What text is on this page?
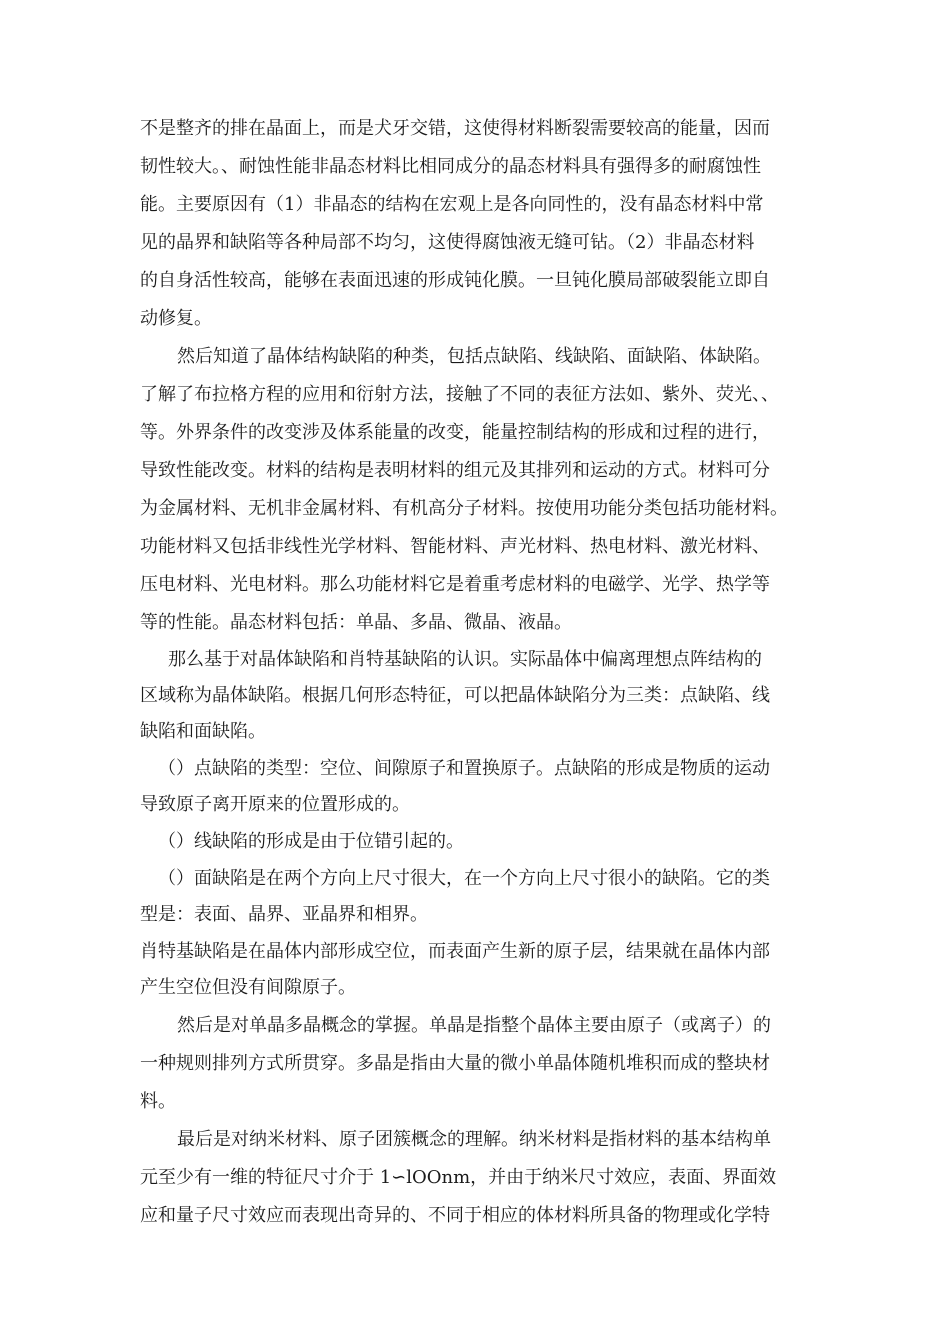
不是整齐的排在晶面上，而是犬牙交错，这使得材料断裂需要较高的能量，因而
韧性较大。、耐蚀性能非晶态材料比相同成分的晶态材料具有强得多的耐腐蚀性
能。主要原因有（1）非晶态的结构在宏观上是各向同性的，没有晶态材料中常
见的晶界和缺陷等各种局部不均匀，这使得腐蚀液无缝可钻。（2）非晶态材料
的自身活性较高，能够在表面迅速的形成钝化膜。一旦钝化膜局部破裂能立即自
动修复。
然后知道了晶体结构缺陷的种类，包括点缺陷、线缺陷、面缺陷、体缺陷。
了解了布拉格方程的应用和衍射方法，接触了不同的表征方法如、紫外、荧光、、
等。外界条件的改变涉及体系能量的改变，能量控制结构的形成和过程的进行，
导致性能改变。材料的结构是表明材料的组元及其排列和运动的方式。材料可分
为金属材料、无机非金属材料、有机高分子材料。按使用功能分类包括功能材料。
功能材料又包括非线性光学材料、智能材料、声光材料、热电材料、激光材料、
压电材料、光电材料。那么功能材料它是着重考虑材料的电磁学、光学、热学等
等的性能。晶态材料包括：单晶、多晶、微晶、液晶。
那么基于对晶体缺陷和肖特基缺陷的认识。实际晶体中偏离理想点阵结构的
区域称为晶体缺陷。根据几何形态特征，可以把晶体缺陷分为三类：点缺陷、线
缺陷和面缺陷。
（）点缺陷的类型：空位、间隙原子和置换原子。点缺陷的形成是物质的运动
导致原子离开原来的位置形成的。
（）线缺陷的形成是由于位错引起的。
（）面缺陷是在两个方向上尺寸很大，在一个方向上尺寸很小的缺陷。它的类
型是：表面、晶界、亚晶界和相界。
肖特基缺陷是在晶体内部形成空位，而表面产生新的原子层，结果就在晶体内部
产生空位但没有间隙原子。
然后是对单晶多晶概念的掌握。单晶是指整个晶体主要由原子（或离子）的
一种规则排列方式所贯穿。多晶是指由大量的微小单晶体随机堆积而成的整块材
料。
最后是对纳米材料、原子团簇概念的理解。纳米材料是指材料的基本结构单
元至少有一维的特征尺寸介于 1∽lOOnm，并由于纳米尺寸效应，表面、界面效
应和量子尺寸效应而表现出奇异的、不同于相应的体材料所具备的物理或化学特
